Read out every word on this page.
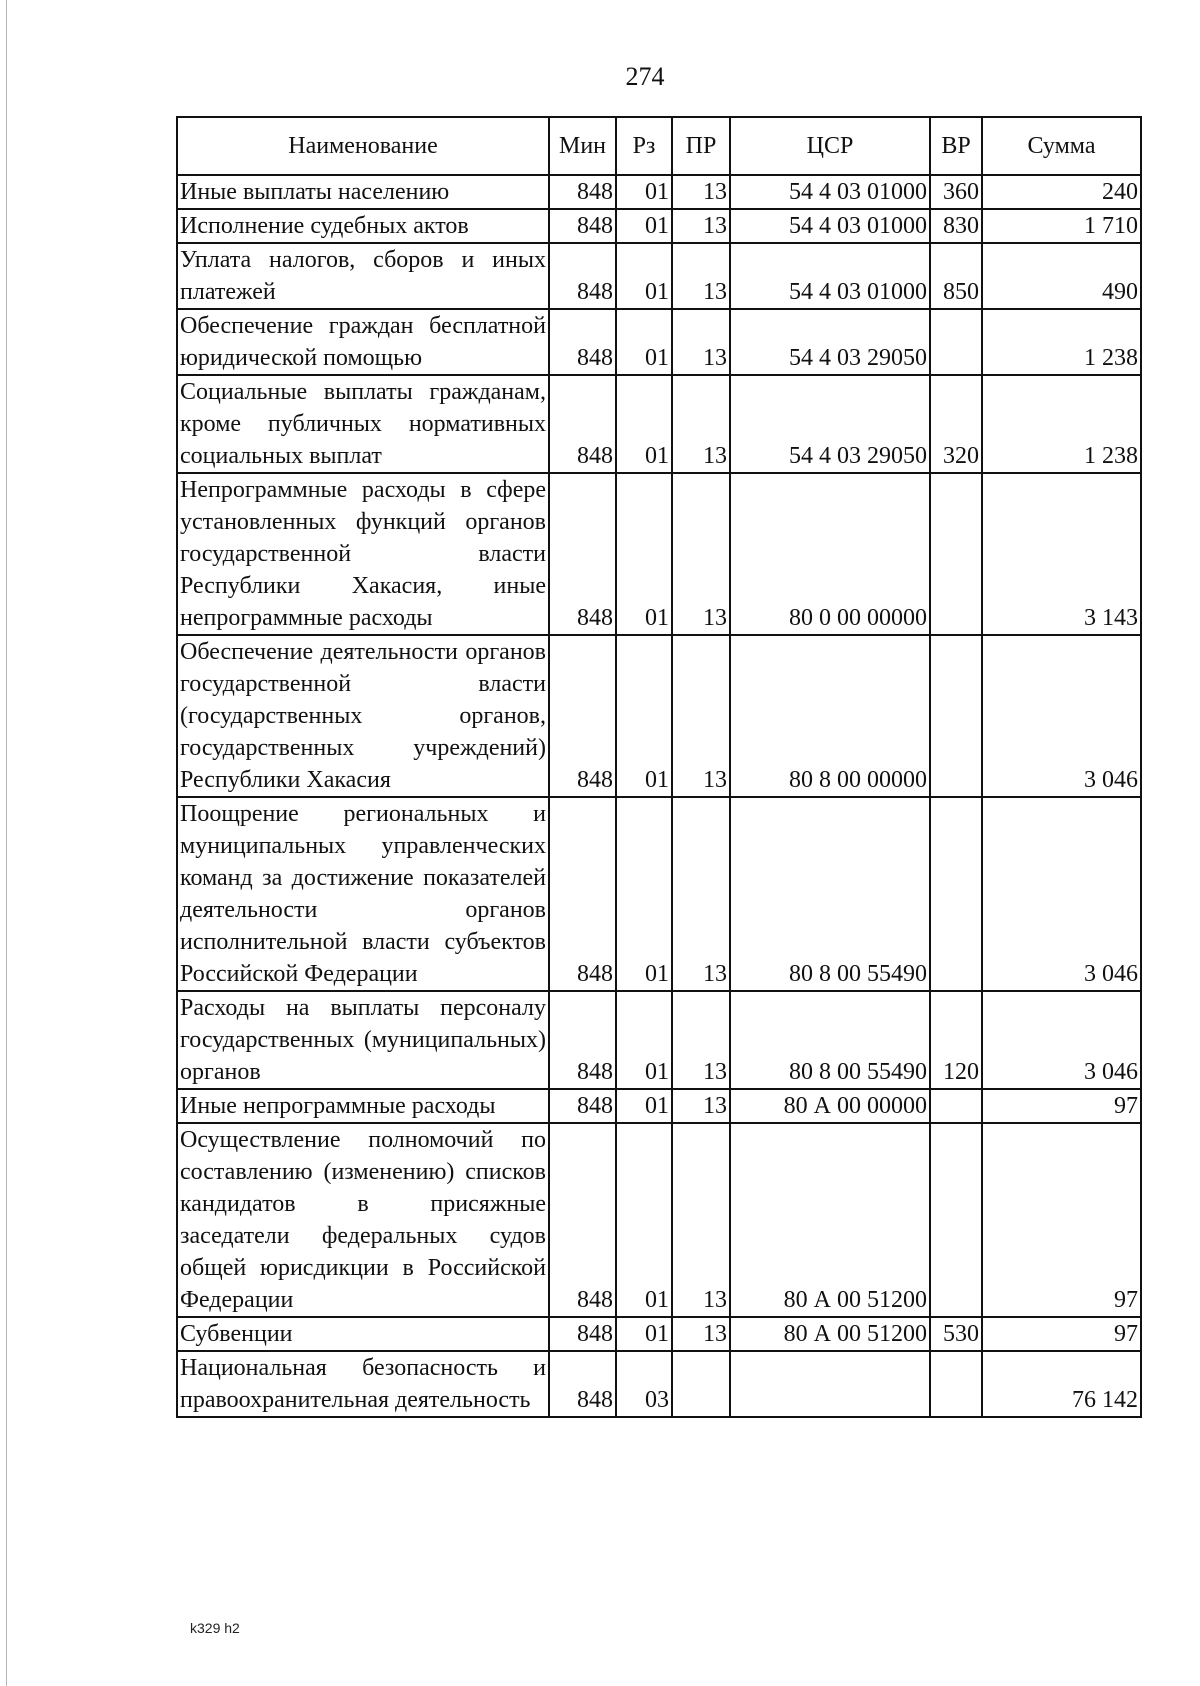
274
Наименование	Мин	Рз	ПР	ЦСР	ВР	Сумма
Иные выплаты населению	848	01	13	54 4 03 01000	360	240
Исполнение судебных актов	848	01	13	54 4 03 01000	830	1 710
Уплата налогов, сборов и иных платежей	848	01	13	54 4 03 01000	850	490
Обеспечение граждан бесплатной юридической помощью	848	01	13	54 4 03 29050		1 238
Социальные выплаты гражданам, кроме публичных нормативных социальных выплат	848	01	13	54 4 03 29050	320	1 238
Непрограммные расходы в сфере установленных функций органов государственной власти Республики Хакасия, иные непрограммные расходы	848	01	13	80 0 00 00000		3 143
Обеспечение деятельности органов государственной власти (государственных органов, государственных учреждений) Республики Хакасия	848	01	13	80 8 00 00000		3 046
Поощрение региональных и муниципальных управленческих команд за достижение показателей деятельности органов исполнительной власти субъектов Российской Федерации	848	01	13	80 8 00 55490		3 046
Расходы на выплаты персоналу государственных (муниципальных) органов	848	01	13	80 8 00 55490	120	3 046
Иные непрограммные расходы	848	01	13	80 А 00 00000		97
Осуществление полномочий по составлению (изменению) списков кандидатов в присяжные заседатели федеральных судов общей юрисдикции в Российской Федерации	848	01	13	80 А 00 51200		97
Субвенции	848	01	13	80 А 00 51200	530	97
Национальная безопасность и правоохранительная деятельность	848	03				76 142
k329 h2
